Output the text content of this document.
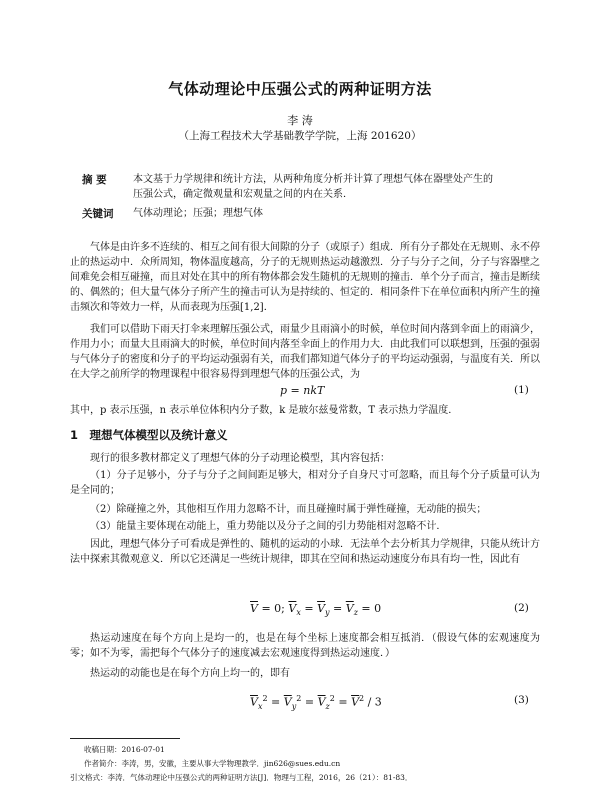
气体动理论中压强公式的两种证明方法
李 涛
（上海工程技术大学基础教学学院，上海 201620）
摘 要	本文基于力学规律和统计方法，从两种角度分析并计算了理想气体在器壁处产生的
压强公式，确定微观量和宏观量之间的内在关系．
关键词 气体动理论；压强；理想气体
气体是由许多不连续的、相互之间有很大间隙的分子（或原子）组成．所有分子都处在无规则、永不停止的热运动中．众所周知，物体温度越高，分子的无规则热运动越激烈．分子与分子之间，分子与容器壁之间难免会相互碰撞，而且对处在其中的所有物体都会发生随机的无规则的撞击．单个分子而言，撞击是断续的、偶然的；但大量气体分子所产生的撞击可认为是持续的、恒定的．相同条件下在单位面积内所产生的撞击频次和等效力一样，从而表现为压强[1,2]．
我们可以借助下雨天打伞来理解压强公式，雨量少且雨滴小的时候，单位时间内落到伞面上的雨滴少，作用力小；而量大且雨滴大的时候，单位时间内落至伞面上的作用力大．由此我们可以联想到，压强的强弱与气体分子的密度和分子的平均运动强弱有关，而我们都知道气体分子的平均运动强弱，与温度有关．所以在大学之前所学的物理课程中很容易得到理想气体的压强公式，为
p = nkT	(1)
其中，p 表示压强，n 表示单位体积内分子数，k 是玻尔兹曼常数，T 表示热力学温度．
1　理想气体模型以及统计意义
现行的很多教材都定义了理想气体的分子动理论模型，其内容包括：
（1）分子足够小，分子与分子之间间距足够大，相对分子自身尺寸可忽略，而且每个分子质量可认为是全同的；
（2）除碰撞之外，其他相互作用力忽略不计，而且碰撞时属于弹性碰撞，无动能的损失；
（3）能量主要体现在动能上，重力势能以及分子之间的引力势能相对忽略不计．
因此，理想气体分子可看成是弹性的、随机的运动的小球．无法单个去分析其力学规律，只能从统计方法中探索其微观意义．所以它还满足一些统计规律，即其在空间和热运动速度分布具有均一性，因此有
$\overline{V} = 0$; $\overline{V}_x = \overline{V}_y = \overline{V}_z = 0$	(2)
热运动速度在每个方向上是均一的，也是在每个坐标上速度都会相互抵消．（假设气体的宏观速度为零；如不为零，需把每个气体分子的速度减去宏观速度得到热运动速度．）
热运动的动能也是在每个方向上均一的，即有
$\overline{V}_x^2 = \overline{V}_y^2 = \overline{V}_z^2 = \overline{V}^2 / 3$	(3)
收稿日期：2016-07-01
作者简介：李涛，男，安徽，主要从事大学物理教学．jin626@sues.edu.cn
引文格式：李涛．气体动理论中压强公式的两种证明方法[J]．物理与工程，2016，26（21）：81-83．
